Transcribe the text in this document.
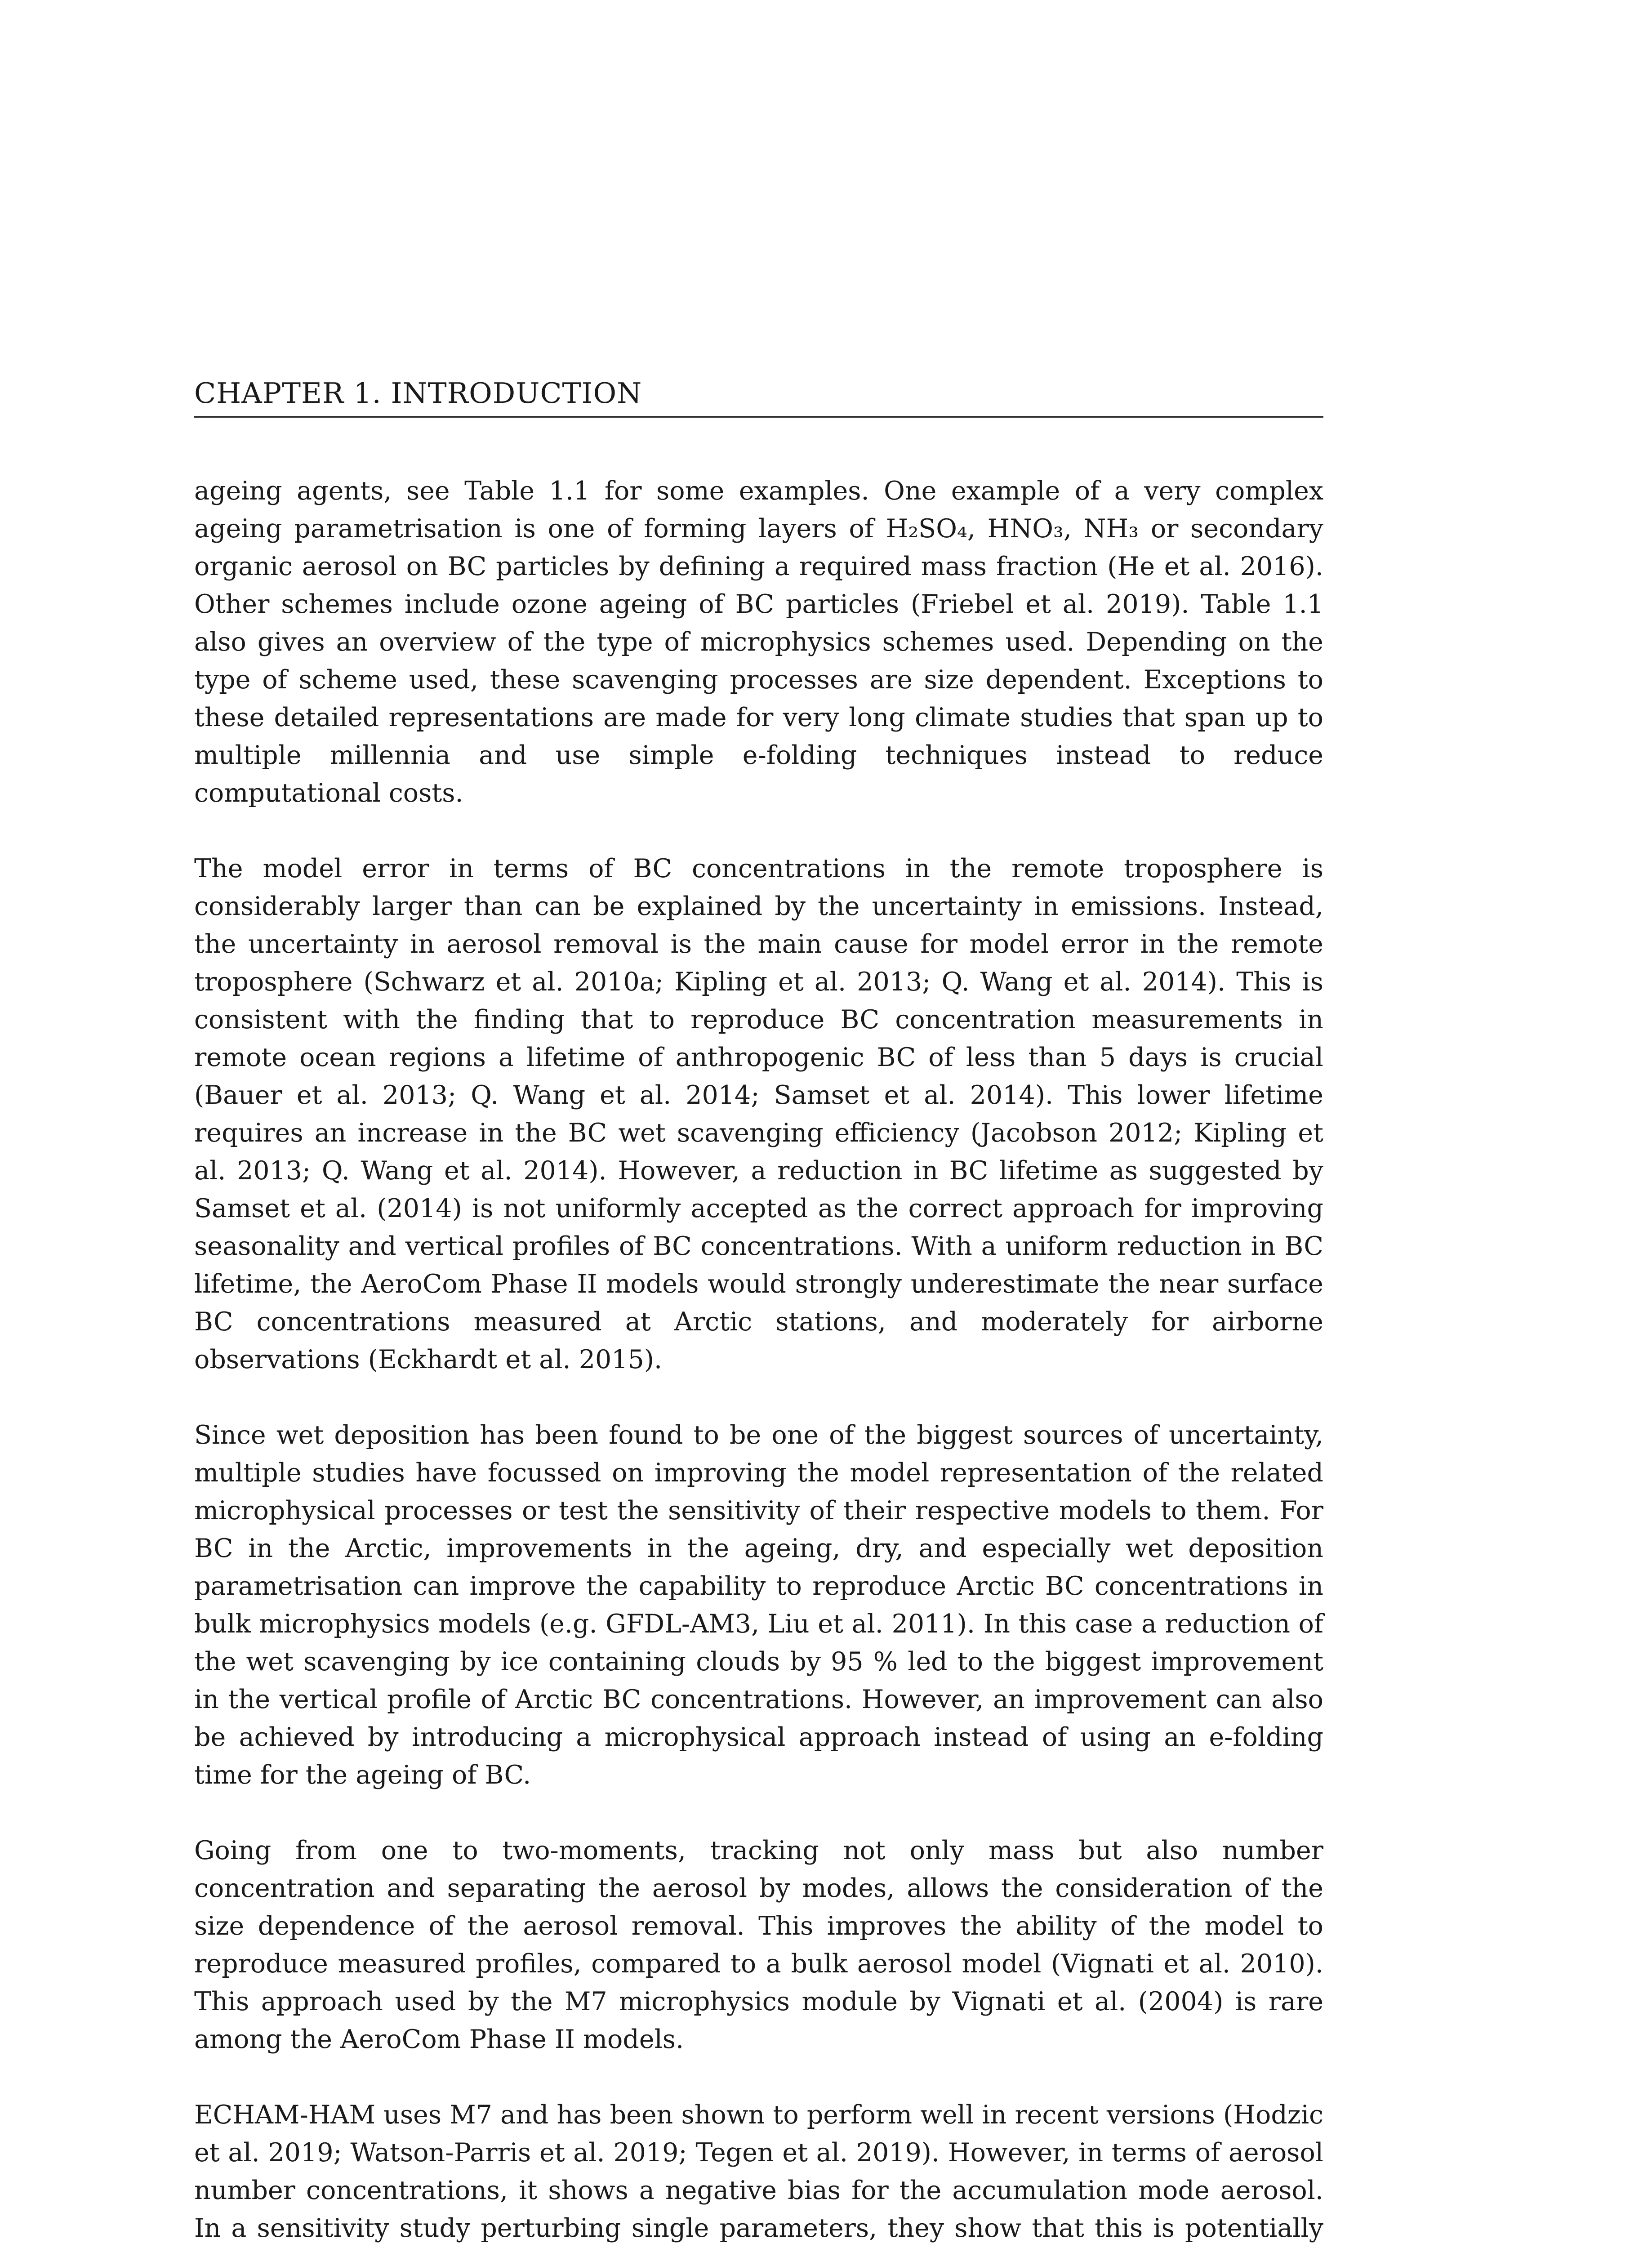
CHAPTER 1. INTRODUCTION

ageing agents, see Table 1.1 for some examples. One example of a very complex ageing parametrisation is one of forming layers of H₂SO₄, HNO₃, NH₃ or secondary organic aerosol on BC particles by defining a required mass fraction (He et al. 2016). Other schemes include ozone ageing of BC particles (Friebel et al. 2019). Table 1.1 also gives an overview of the type of microphysics schemes used. Depending on the type of scheme used, these scavenging processes are size dependent. Exceptions to these detailed representations are made for very long climate studies that span up to multiple millennia and use simple e-folding techniques instead to reduce computational costs.

The model error in terms of BC concentrations in the remote troposphere is considerably larger than can be explained by the uncertainty in emissions. Instead, the uncertainty in aerosol removal is the main cause for model error in the remote troposphere (Schwarz et al. 2010a; Kipling et al. 2013; Q. Wang et al. 2014). This is consistent with the finding that to reproduce BC concentration measurements in remote ocean regions a lifetime of anthropogenic BC of less than 5 days is crucial (Bauer et al. 2013; Q. Wang et al. 2014; Samset et al. 2014). This lower lifetime requires an increase in the BC wet scavenging efficiency (Jacobson 2012; Kipling et al. 2013; Q. Wang et al. 2014). However, a reduction in BC lifetime as suggested by Samset et al. (2014) is not uniformly accepted as the correct approach for improving seasonality and vertical profiles of BC concentrations. With a uniform reduction in BC lifetime, the AeroCom Phase II models would strongly underestimate the near surface BC concentrations measured at Arctic stations, and moderately for airborne observations (Eckhardt et al. 2015).

Since wet deposition has been found to be one of the biggest sources of uncertainty, multiple studies have focussed on improving the model representation of the related microphysical processes or test the sensitivity of their respective models to them. For BC in the Arctic, improvements in the ageing, dry, and especially wet deposition parametrisation can improve the capability to reproduce Arctic BC concentrations in bulk microphysics models (e.g. GFDL-AM3, Liu et al. 2011). In this case a reduction of the wet scavenging by ice containing clouds by 95 % led to the biggest improvement in the vertical profile of Arctic BC concentrations. However, an improvement can also be achieved by introducing a microphysical approach instead of using an e-folding time for the ageing of BC.

Going from one to two-moments, tracking not only mass but also number concentration and separating the aerosol by modes, allows the consideration of the size dependence of the aerosol removal. This improves the ability of the model to reproduce measured profiles, compared to a bulk aerosol model (Vignati et al. 2010). This approach used by the M7 microphysics module by Vignati et al. (2004) is rare among the AeroCom Phase II models.

ECHAM-HAM uses M7 and has been shown to perform well in recent versions (Hodzic et al. 2019; Watson-Parris et al. 2019; Tegen et al. 2019). However, in terms of aerosol number concentrations, it shows a negative bias for the accumulation mode aerosol. In a sensitivity study perturbing single parameters, they show that this is potentially
